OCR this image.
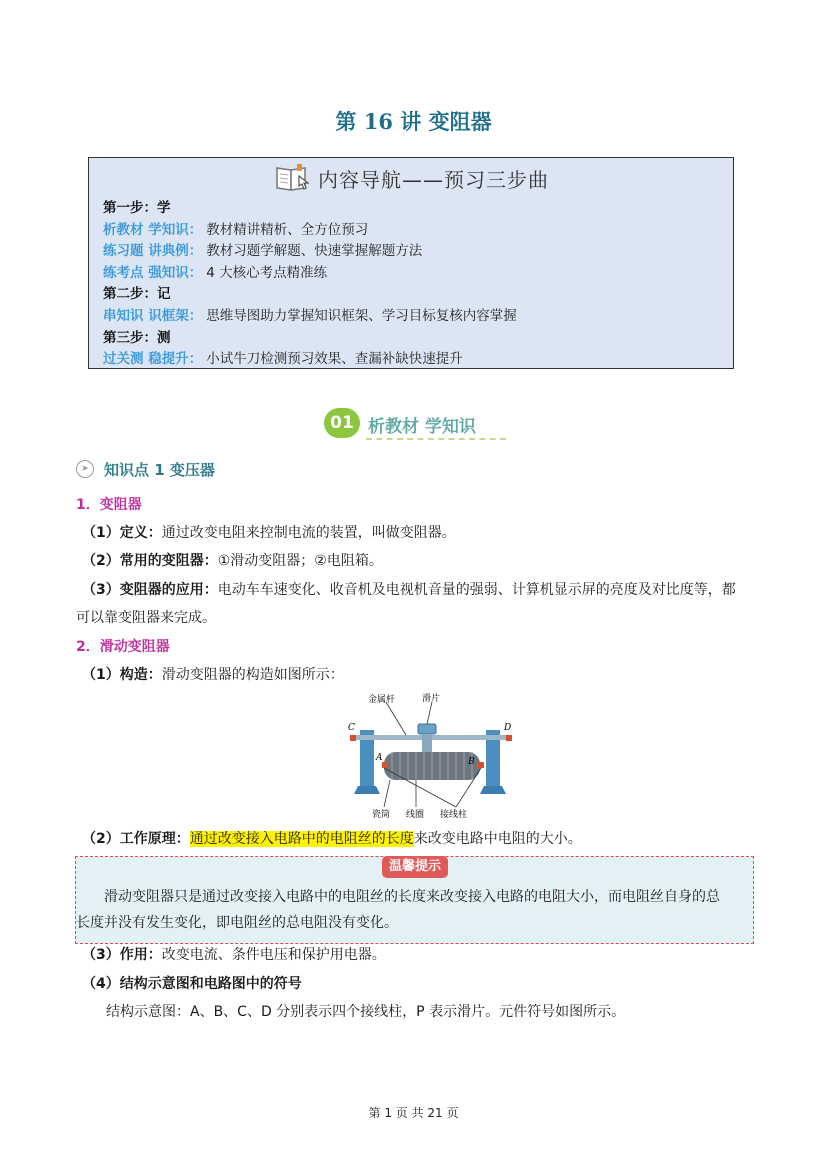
第 16 讲 变阻器
内容导航——预习三步曲
第一步：学
析教材 学知识： 教材精讲精析、全方位预习
练习题 讲典例： 教材习题学解题、快速掌握解题方法
练考点 强知识： 4 大核心考点精准练
第二步：记
串知识 识框架： 思维导图助力掌握知识框架、学习目标复核内容掌握
第三步：测
过关测 稳提升： 小试牛刀检测预习效果、查漏补缺快速提升
01 析教材 学知识
➤	知识点 1 变压器
1．变阻器
（1）定义：通过改变电阻来控制电流的装置，叫做变阻器。
（2）常用的变阻器：①滑动变阻器；②电阻箱。
（3）变阻器的应用：电动车车速变化、收音机及电视机音量的强弱、计算机显示屏的亮度及对比度等，都
可以靠变阻器来完成。
2．滑动变阻器
（1）构造：滑动变阻器的构造如图所示：
金属杆	滑片
C	D
A	B
瓷筒 线圈 接线柱
（2）工作原理：通过改变接入电路中的电阻丝的长度来改变电路中电阻的大小。
温馨提示
滑动变阻器只是通过改变接入电路中的电阻丝的长度来改变接入电路的电阻大小，而电阻丝自身的总
长度并没有发生变化，即电阻丝的总电阻没有变化。
（3）作用：改变电流、条件电压和保护用电器。
（4）结构示意图和电路图中的符号
结构示意图：A、B、C、D 分别表示四个接线柱，P 表示滑片。元件符号如图所示。
第 1 页 共 21 页
